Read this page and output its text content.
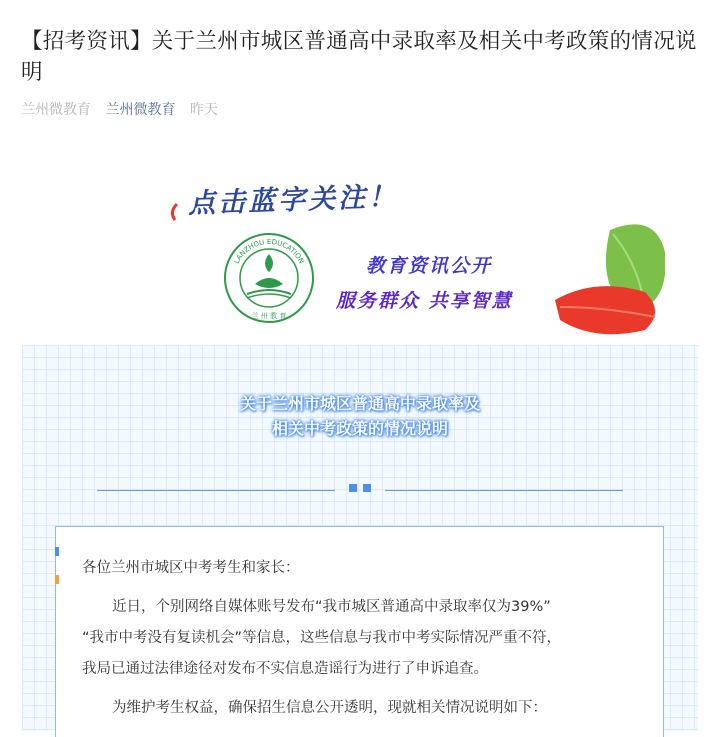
【招考资讯】关于兰州市城区普通高中录取率及相关中考政策的情况说明
兰州微教育 兰州微教育 昨天
点击蓝字关注！
兰 州 教 育
LANZHOU EDUCATION	教育资讯公开
服务群众 共享智慧
关于兰州市城区普通高中录取率及
相关中考政策的情况说明
各位兰州市城区中考考生和家长：
近日，个别网络自媒体账号发布“我市城区普通高中录取率仅为39%”
“我市中考没有复读机会”等信息，这些信息与我市中考实际情况严重不符，
我局已通过法律途径对发布不实信息造谣行为进行了申诉追查。
为维护考生权益，确保招生信息公开透明，现就相关情况说明如下：
